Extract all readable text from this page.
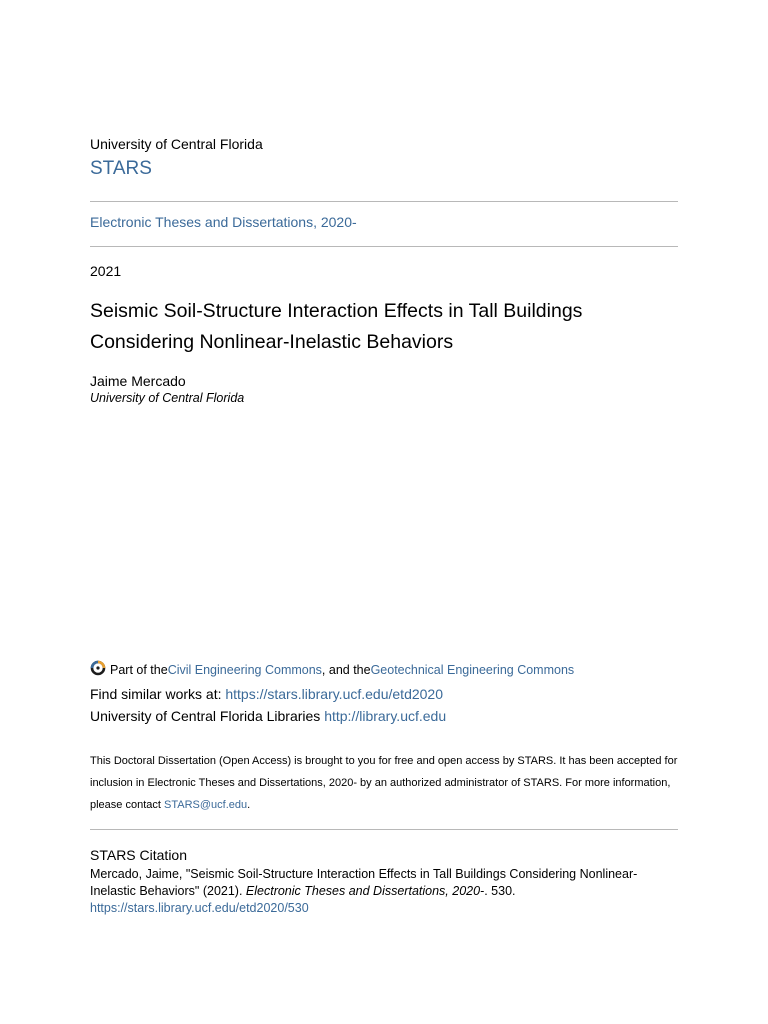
University of Central Florida
STARS
Electronic Theses and Dissertations, 2020-
2021
Seismic Soil-Structure Interaction Effects in Tall Buildings Considering Nonlinear-Inelastic Behaviors
Jaime Mercado
University of Central Florida
Part of the Civil Engineering Commons , and the Geotechnical Engineering Commons
Find similar works at: https://stars.library.ucf.edu/etd2020
University of Central Florida Libraries http://library.ucf.edu
This Doctoral Dissertation (Open Access) is brought to you for free and open access by STARS. It has been accepted for inclusion in Electronic Theses and Dissertations, 2020- by an authorized administrator of STARS. For more information, please contact STARS@ucf.edu.
STARS Citation
Mercado, Jaime, "Seismic Soil-Structure Interaction Effects in Tall Buildings Considering Nonlinear-Inelastic Behaviors" (2021). Electronic Theses and Dissertations, 2020-. 530.
https://stars.library.ucf.edu/etd2020/530
